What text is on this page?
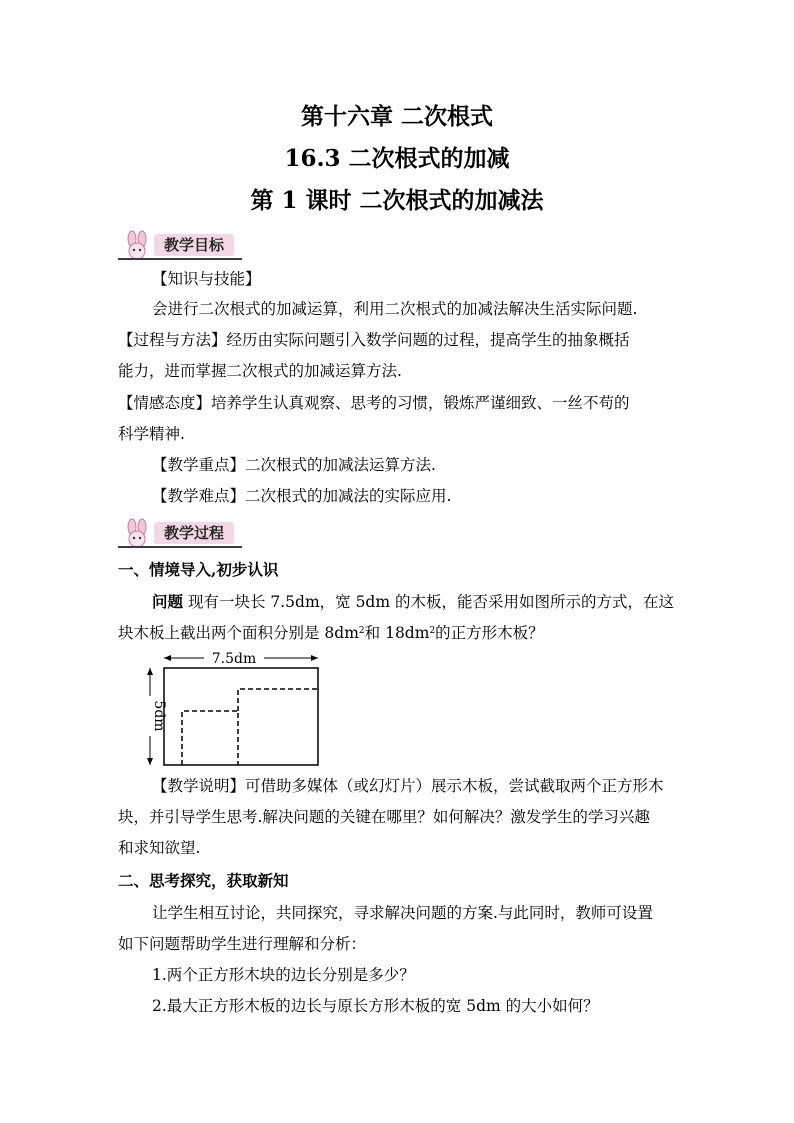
第十六章 二次根式
16.3 二次根式的加减
第 1 课时 二次根式的加减法
教学目标
【知识与技能】
会进行二次根式的加减运算，利用二次根式的加减法解决生活实际问题.
【过程与方法】经历由实际问题引入数学问题的过程，提高学生的抽象概括
能力，进而掌握二次根式的加减运算方法.
【情感态度】培养学生认真观察、思考的习惯，锻炼严谨细致、一丝不苟的
科学精神.
【教学重点】二次根式的加减法运算方法.
【教学难点】二次根式的加减法的实际应用.
教学过程
一、情境导入,初步认识
问题 现有一块长 7.5dm，宽 5dm 的木板，能否采用如图所示的方式，在这
块木板上截出两个面积分别是 $8dm^2$和 $18dm^2$的正方形木板？
7.5dm
5dm
【教学说明】可借助多媒体（或幻灯片）展示木板，尝试截取两个正方形木
块，并引导学生思考.解决问题的关键在哪里？如何解决？激发学生的学习兴趣
和求知欲望.
二、思考探究，获取新知
让学生相互讨论，共同探究，寻求解决问题的方案.与此同时，教师可设置
如下问题帮助学生进行理解和分析：
1.两个正方形木块的边长分别是多少？
2.最大正方形木板的边长与原长方形木板的宽 5dm 的大小如何？
